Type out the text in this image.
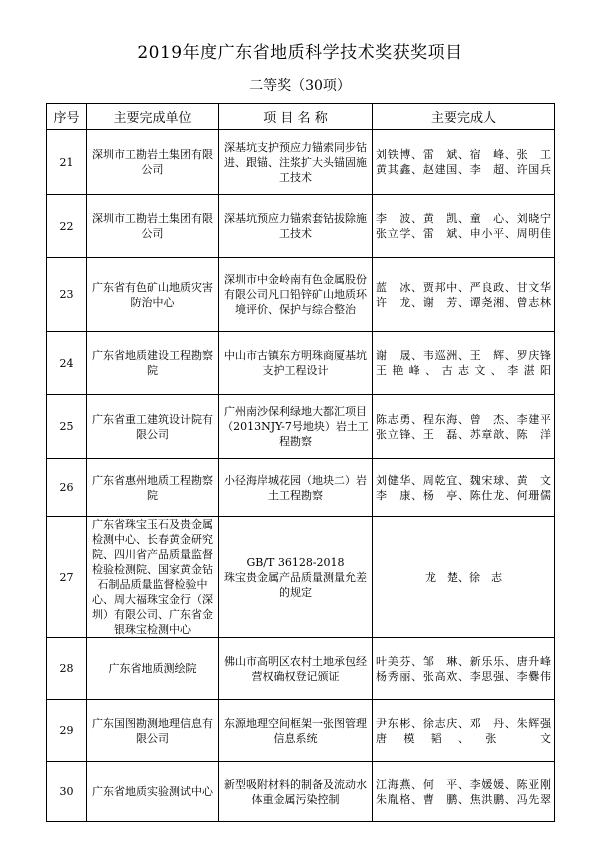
2019年度广东省地质科学技术奖获奖项目
二等奖（30项）
序号	主要完成单位	项 目 名 称	主要完成人
21	深圳市工勘岩土集团有限公司	深基坑支护预应力锚索同步钻进、跟锚、注浆扩大头锚固施工技术	刘铁博、雷　斌、宿　峰、张　工
黄其鑫、赵建国、李　超、许国兵

22	深圳市工勘岩土集团有限公司	深基坑预应力锚索套钻拔除施工技术	李　波、黄　凯、童　心、刘晓宁
张立学、雷　斌、申小平、周明佳

23	广东省有色矿山地质灾害防治中心	深圳市中金岭南有色金属股份有限公司凡口铅锌矿山地质环境评价、保护与综合整治	蓝　冰、贾邦中、严良政、甘文华
许　龙、谢　芳、谭尧湘、曾志林

24	广东省地质建设工程勘察院	中山市古镇东方明珠商厦基坑支护工程设计	谢　晟、韦巡洲、王　辉、罗庆锋
王艳峰、古志文、李湛阳

25	广东省重工建筑设计院有限公司	广州南沙保利绿地大都汇项目（2013NJY-7号地块）岩土工程勘察	陈志勇、程东海、曾　杰、李建平
张立锋、王　磊、苏章歆、陈　洋

26	广东省惠州地质工程勘察院	小径海岸城花园（地块二）岩土工程勘察	刘健华、周乾宜、魏宋球、黄　文
李　康、杨　亭、陈仕龙、何珊儒

27	广东省珠宝玉石及贵金属检测中心、长春黄金研究院、四川省产品质量监督检验检测院、国家黄金钻石制品质量监督检验中心、周大福珠宝金行（深圳）有限公司、广东省金银珠宝检测中心	GB/T 36128-2018
珠宝贵金属产品质量测量允差的规定	龙　楚、徐　志

28	广东省地质测绘院	佛山市高明区农村土地承包经营权确权登记颁证	叶美芬、邹　琳、新乐乐、唐升峰
杨秀丽、张高欢、李思强、李爨伟

29	广东国图勘测地理信息有限公司	东源地理空间框架一张图管理信息系统	尹东彬、徐志庆、邓　丹、朱辉强
唐模韬、张　文

30	广东省地质实验测试中心	新型吸附材料的制备及流动水体重金属污染控制	江海燕、何　平、李媛媛、陈亚刚
朱胤格、曹　鹏、焦洪鹏、冯先翠
